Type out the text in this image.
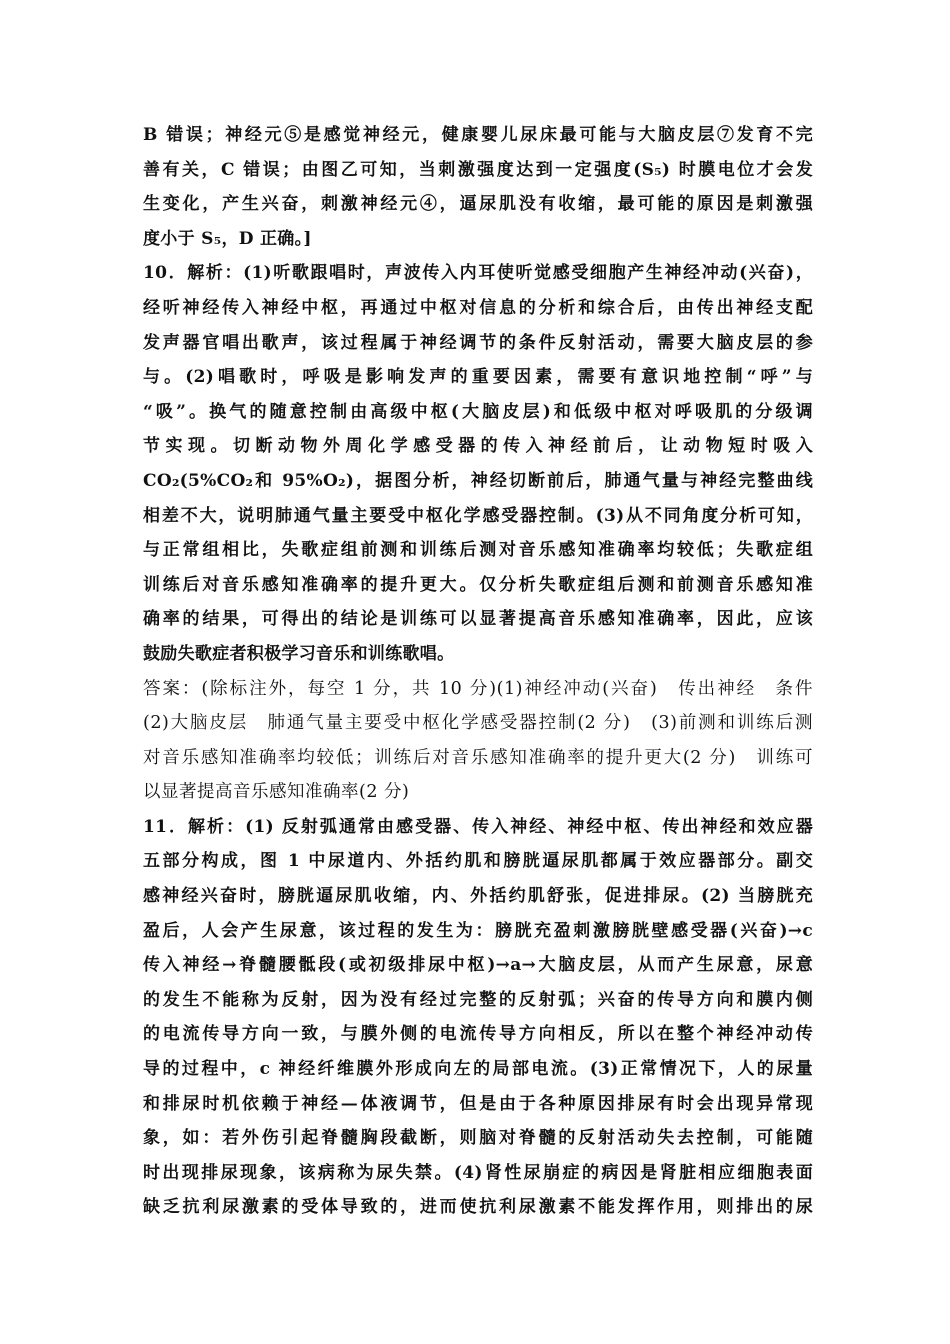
B 错误；神经元⑤是感觉神经元，健康婴儿尿床最可能与大脑皮层⑦发育不完
善有关，C 错误；由图乙可知，当刺激强度达到一定强度(S₅) 时膜电位才会发
生变化，产生兴奋，刺激神经元④，逼尿肌没有收缩，最可能的原因是刺激强
度小于 S₅，D 正确。]
10．解析：(1)听歌跟唱时，声波传入内耳使听觉感受细胞产生神经冲动(兴奋)，
经听神经传入神经中枢，再通过中枢对信息的分析和综合后，由传出神经支配
发声器官唱出歌声，该过程属于神经调节的条件反射活动，需要大脑皮层的参
与。(2)唱歌时，呼吸是影响发声的重要因素，需要有意识地控制“呼”与
“吸”。换气的随意控制由高级中枢(大脑皮层)和低级中枢对呼吸肌的分级调
节实现。切断动物外周化学感受器的传入神经前后，让动物短时吸入
CO₂(5%CO₂和 95%O₂)，据图分析，神经切断前后，肺通气量与神经完整曲线
相差不大，说明肺通气量主要受中枢化学感受器控制。(3)从不同角度分析可知，
与正常组相比，失歌症组前测和训练后测对音乐感知准确率均较低；失歌症组
训练后对音乐感知准确率的提升更大。仅分析失歌症组后测和前测音乐感知准
确率的结果，可得出的结论是训练可以显著提高音乐感知准确率，因此，应该
鼓励失歌症者积极学习音乐和训练歌唱。
答案：(除标注外，每空 1 分，共 10 分)(1)神经冲动(兴奋)　传出神经　条件
(2)大脑皮层　肺通气量主要受中枢化学感受器控制(2 分)　(3)前测和训练后测
对音乐感知准确率均较低；训练后对音乐感知准确率的提升更大(2 分)　训练可
以显著提高音乐感知准确率(2 分)
11．解析：(1) 反射弧通常由感受器、传入神经、神经中枢、传出神经和效应器
五部分构成，图 1 中尿道内、外括约肌和膀胱逼尿肌都属于效应器部分。副交
感神经兴奋时，膀胱逼尿肌收缩，内、外括约肌舒张，促进排尿。(2) 当膀胱充
盈后，人会产生尿意，该过程的发生为：膀胱充盈刺激膀胱壁感受器(兴奋)→c
传入神经→脊髓腰骶段(或初级排尿中枢)→a→大脑皮层，从而产生尿意，尿意
的发生不能称为反射，因为没有经过完整的反射弧；兴奋的传导方向和膜内侧
的电流传导方向一致，与膜外侧的电流传导方向相反，所以在整个神经冲动传
导的过程中，c 神经纤维膜外形成向左的局部电流。(3)正常情况下，人的尿量
和排尿时机依赖于神经—体液调节，但是由于各种原因排尿有时会出现异常现
象，如：若外伤引起脊髓胸段截断，则脑对脊髓的反射活动失去控制，可能随
时出现排尿现象，该病称为尿失禁。(4)肾性尿崩症的病因是肾脏相应细胞表面
缺乏抗利尿激素的受体导致的，进而使抗利尿激素不能发挥作用，则排出的尿
